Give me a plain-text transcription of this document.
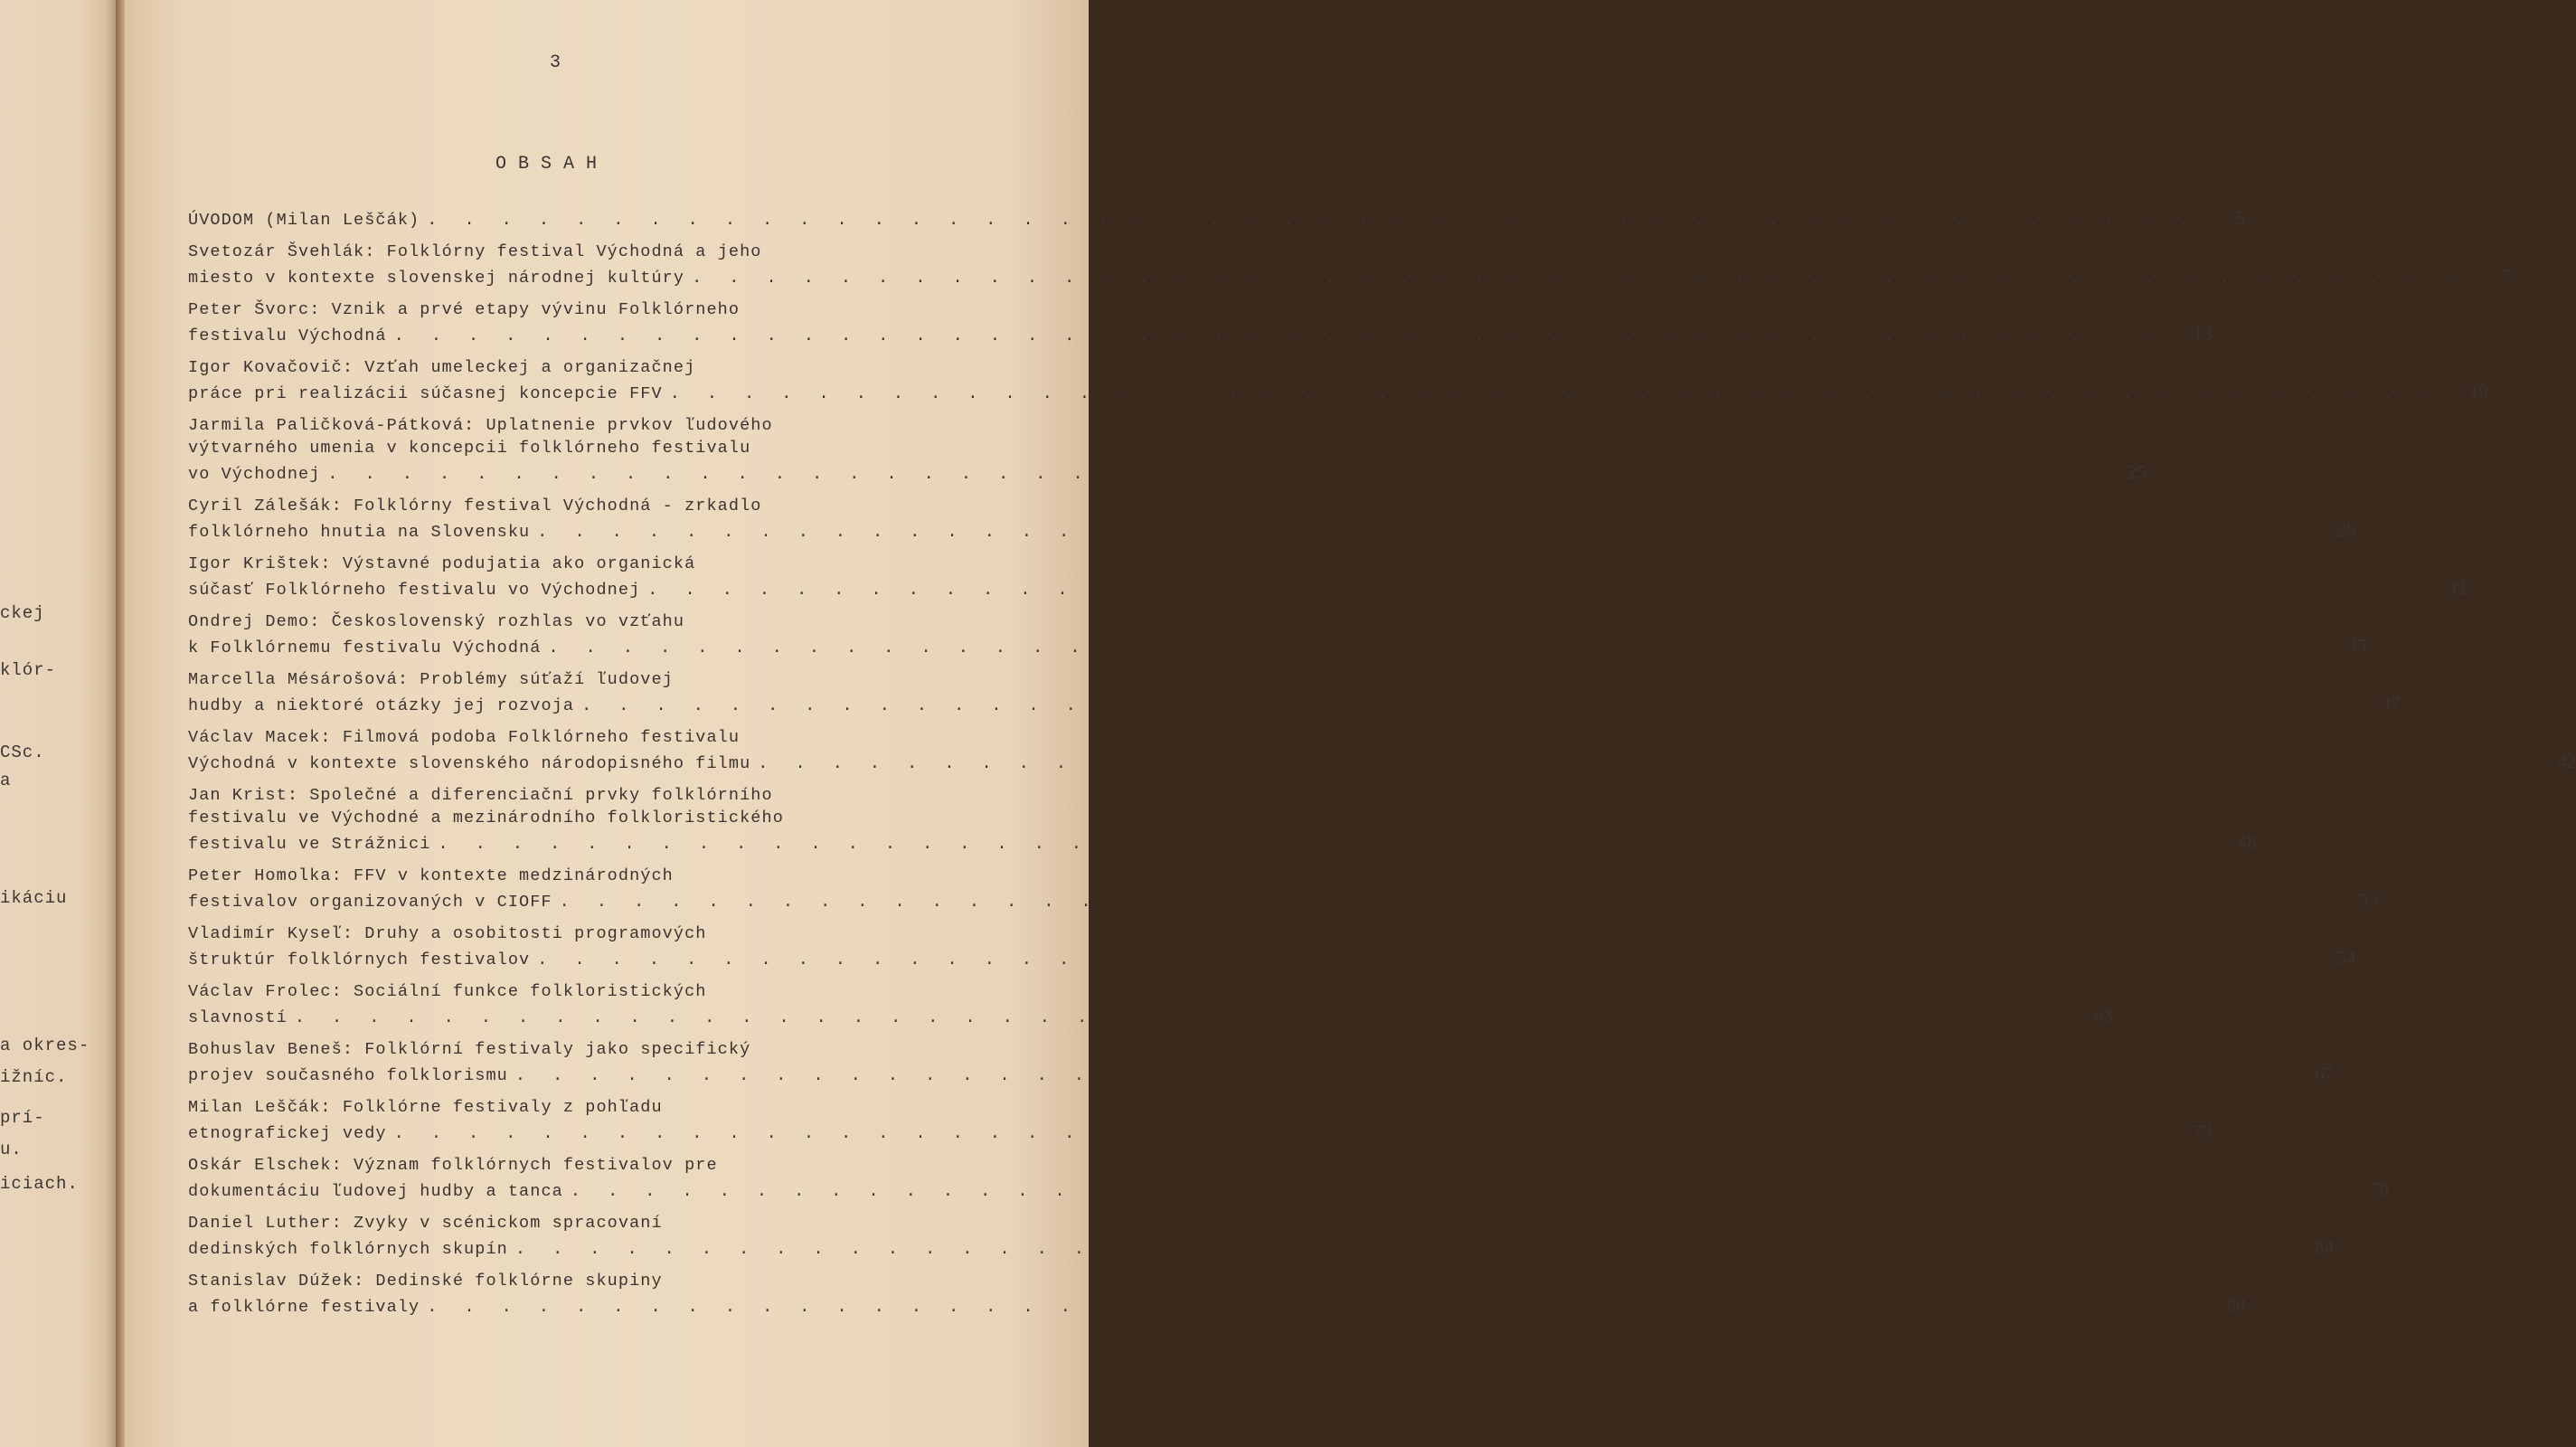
ckej
klór-
CSc.
a
ikáciu
a okres-
ižníc.
prí-
u.
iciach.
3
OBSAH
ÚVODOM (Milan Leščák) . . . . . . . . . . . . . . . . . . . . . . . . . . . . . . . . . . . . . . . . . . . . . . . .	5
Svetozár Švehlák: Folklórny festival Východná a jeho
miesto v kontexte slovenskej národnej kultúry . . . . . . . . . . . . . . . . . . . . . . . . . . . . . . . . . . . . . . . . . . . . . . . .	7
Peter Švorc: Vznik a prvé etapy vývinu Folklórneho
festivalu Východná . . . . . . . . . . . . . . . . . . . . . . . . . . . . . . . . . . . . . . . . . . . . . . . .	13
Igor Kovačovič: Vzťah umeleckej a organizačnej
práce pri realizácii súčasnej koncepcie FFV . . . . . . . . . . . . . . . . . . . . . . . . . . . . . . . . . . . . . . . . . . . . . . . .	19
Jarmila Paličková-Pátková: Uplatnenie prvkov ľudového
výtvarného umenia v koncepcii folklórneho festivalu
vo Východnej . . . . . . . . . . . . . . . . . . . . . . . . . . . . . . . . . . . . . . . . . . . . . . . .	25
Cyril Zálešák: Folklórny festival Východná - zrkadlo
folklórneho hnutia na Slovensku . . . . . . . . . . . . . . . . . . . . . . . . . . . . . . . . . . . . . . . . . . . . . . . .	29
Igor Krištek: Výstavné podujatia ako organická
súčasť Folklórneho festivalu vo Východnej . . . . . . . . . . . . . . . . . . . . . . . . . . . . . . . . . . . . . . . . . . . . . . . .	32
Ondrej Demo: Československý rozhlas vo vzťahu
k Folklórnemu festivalu Východná . . . . . . . . . . . . . . . . . . . . . . . . . . . . . . . . . . . . . . . . . . . . . . . .	35
Marcella Mésárošová: Problémy súťaží ľudovej
hudby a niektoré otázky jej rozvoja . . . . . . . . . . . . . . . . . . . . . . . . . . . . . . . . . . . . . . . . . . . . . . . .	37
Václav Macek: Filmová podoba Folklórneho festivalu
Východná v kontexte slovenského národopisného filmu . . . . . . . . . . . . . . . . . . . . . . . . . . . . . . . . . . . . . . . . . . . . . . . .	42
Jan Krist: Společné a diferenciační prvky folklórního
festivalu ve Východné a mezinárodního folkloristického
festivalu ve Strážnici . . . . . . . . . . . . . . . . . . . . . . . . . . . . . . . . . . . . . . . . . . . . . . . .	48
Peter Homolka: FFV v kontexte medzinárodných
festivalov organizovaných v CIOFF . . . . . . . . . . . . . . . . . . . . . . . . . . . . . . . . . . . . . . . . . . . . . . . .	53
Vladimír Kyseľ: Druhy a osobitosti programových
štruktúr folklórnych festivalov . . . . . . . . . . . . . . . . . . . . . . . . . . . . . . . . . . . . . . . . . . . . . . . .	54
Václav Frolec: Sociální funkce folkloristických
slavností . . . . . . . . . . . . . . . . . . . . . . . . . . . . . . . . . . . . . . . . . . . . . . . .	63
Bohuslav Beneš: Folklórní festivaly jako specifický
projev současného folklorismu . . . . . . . . . . . . . . . . . . . . . . . . . . . . . . . . . . . . . . . . . . . . . . . .	67
Milan Leščák: Folklórne festivaly z pohľadu
etnografickej vedy . . . . . . . . . . . . . . . . . . . . . . . . . . . . . . . . . . . . . . . . . . . . . . . .	73
Oskár Elschek: Význam folklórnych festivalov pre
dokumentáciu ľudovej hudby a tanca . . . . . . . . . . . . . . . . . . . . . . . . . . . . . . . . . . . . . . . . . . . . . . . .	78
Daniel Luther: Zvyky v scénickom spracovaní
dedinských folklórnych skupín . . . . . . . . . . . . . . . . . . . . . . . . . . . . . . . . . . . . . . . . . . . . . . . .	84
Stanislav Dúžek: Dedinské folklórne skupiny
a folklórne festivaly . . . . . . . . . . . . . . . . . . . . . . . . . . . . . . . . . . . . . . . . . . . . . . . .	88
